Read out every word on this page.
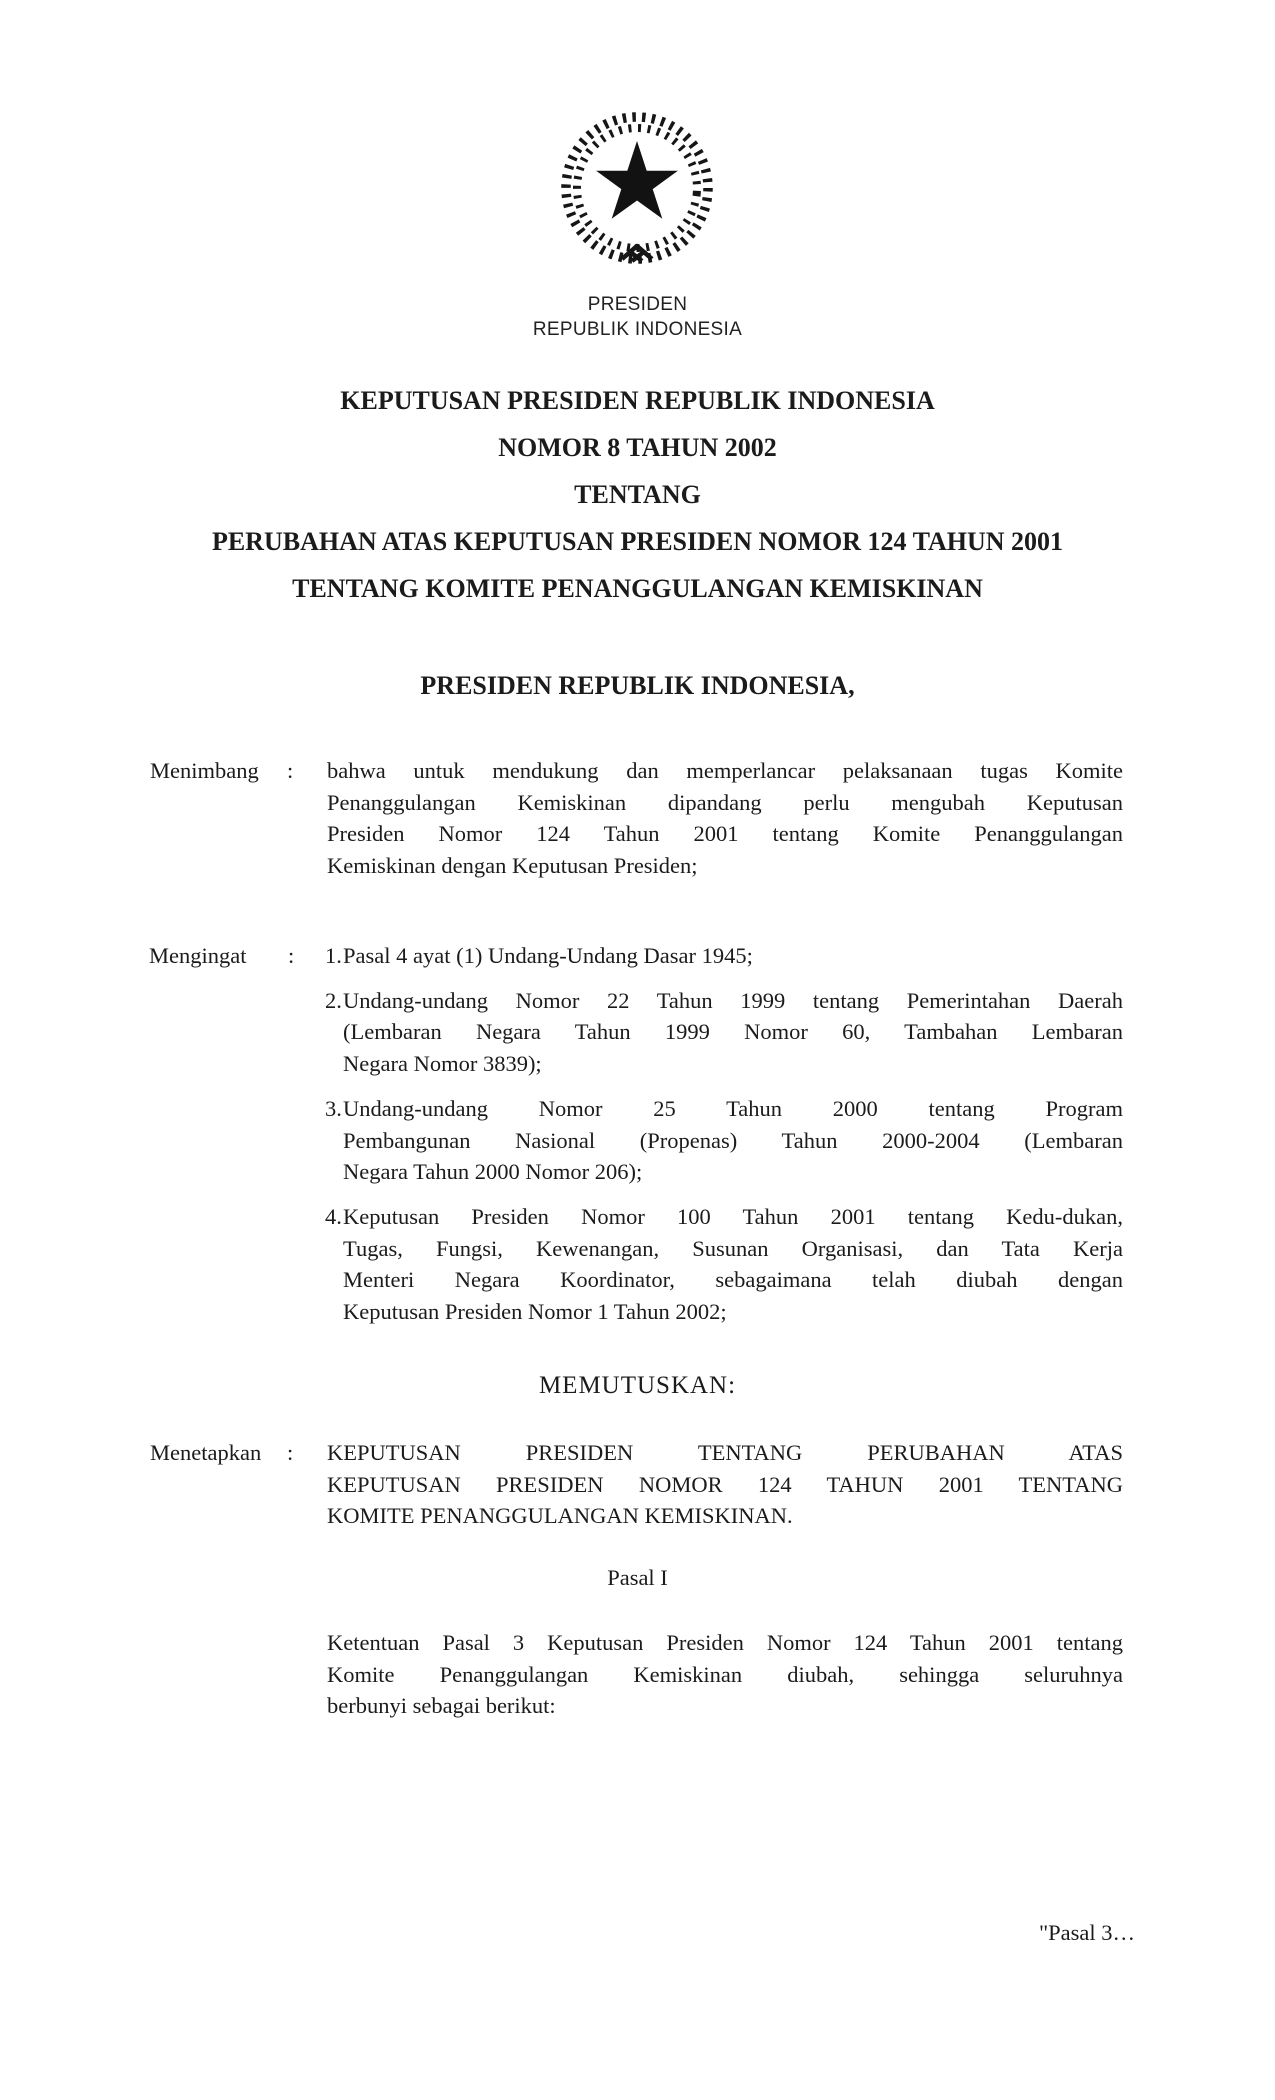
PRESIDEN
REPUBLIK INDONESIA
KEPUTUSAN PRESIDEN REPUBLIK INDONESIA
NOMOR 8 TAHUN 2002
TENTANG
PERUBAHAN ATAS KEPUTUSAN PRESIDEN NOMOR 124 TAHUN 2001
TENTANG KOMITE PENANGGULANGAN KEMISKINAN
PRESIDEN REPUBLIK INDONESIA,
Menimbang : bahwa untuk mendukung dan memperlancar pelaksanaan tugas Komite
Penanggulangan Kemiskinan dipandang perlu mengubah Keputusan
Presiden Nomor 124 Tahun 2001 tentang Komite Penanggulangan
Kemiskinan dengan Keputusan Presiden;
Mengingat : 1. Pasal 4 ayat (1) Undang-Undang Dasar 1945;
2. Undang-undang Nomor 22 Tahun 1999 tentang Pemerintahan Daerah
(Lembaran Negara Tahun 1999 Nomor 60, Tambahan Lembaran
Negara Nomor 3839);
3. Undang-undang Nomor 25 Tahun 2000 tentang Program
Pembangunan Nasional (Propenas) Tahun 2000-2004 (Lembaran
Negara Tahun 2000 Nomor 206);
4. Keputusan Presiden Nomor 100 Tahun 2001 tentang Kedu-dukan,
Tugas, Fungsi, Kewenangan, Susunan Organisasi, dan Tata Kerja
Menteri Negara Koordinator, sebagaimana telah diubah dengan
Keputusan Presiden Nomor 1 Tahun 2002;
MEMUTUSKAN:
Menetapkan : KEPUTUSAN PRESIDEN TENTANG PERUBAHAN ATAS
KEPUTUSAN PRESIDEN NOMOR 124 TAHUN 2001 TENTANG
KOMITE PENANGGULANGAN KEMISKINAN.
Pasal I
Ketentuan Pasal 3 Keputusan Presiden Nomor 124 Tahun 2001 tentang
Komite Penanggulangan Kemiskinan diubah, sehingga seluruhnya
berbunyi sebagai berikut:
"Pasal 3…
